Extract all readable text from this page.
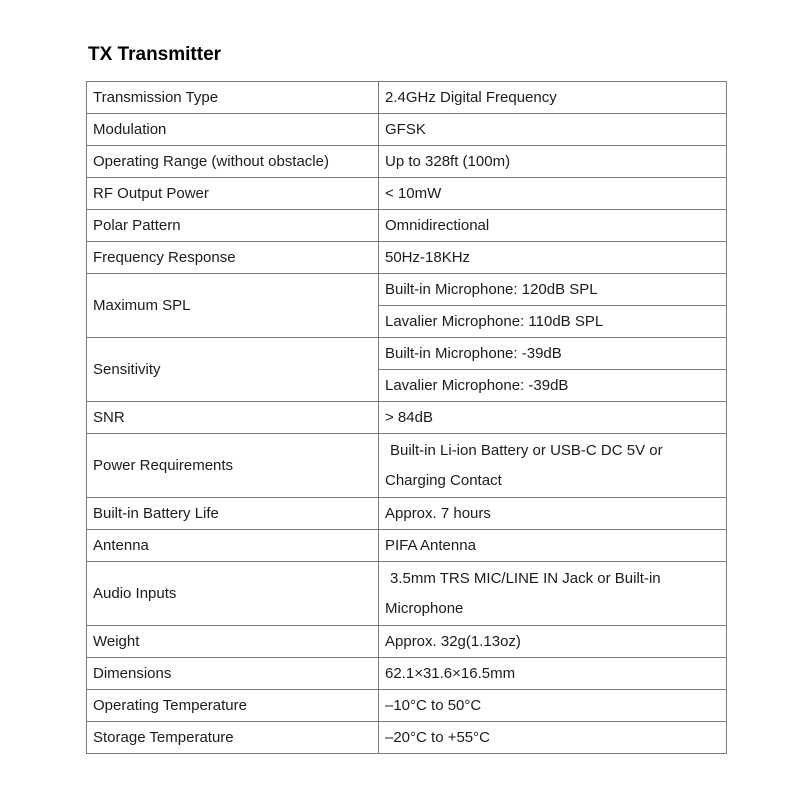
TX Transmitter
Transmission Type	2.4GHz Digital Frequency
Modulation	GFSK
Operating Range (without obstacle)	Up to 328ft (100m)
RF Output Power	< 10mW
Polar Pattern	Omnidirectional
Frequency Response	50Hz-18KHz
Maximum SPL	Built-in Microphone: 120dB SPL
	Lavalier Microphone: 110dB SPL
Sensitivity	Built-in Microphone: -39dB
	Lavalier Microphone: -39dB
SNR	> 84dB
Power Requirements	Built-in Li-ion Battery or USB-C DC 5V or Charging Contact
Built-in Battery Life	Approx. 7 hours
Antenna	PIFA Antenna
Audio Inputs	3.5mm TRS MIC/LINE IN Jack or Built-in Microphone
Weight	Approx. 32g(1.13oz)
Dimensions	62.1×31.6×16.5mm
Operating Temperature	–10°C to 50°C
Storage Temperature	–20°C to +55°C
